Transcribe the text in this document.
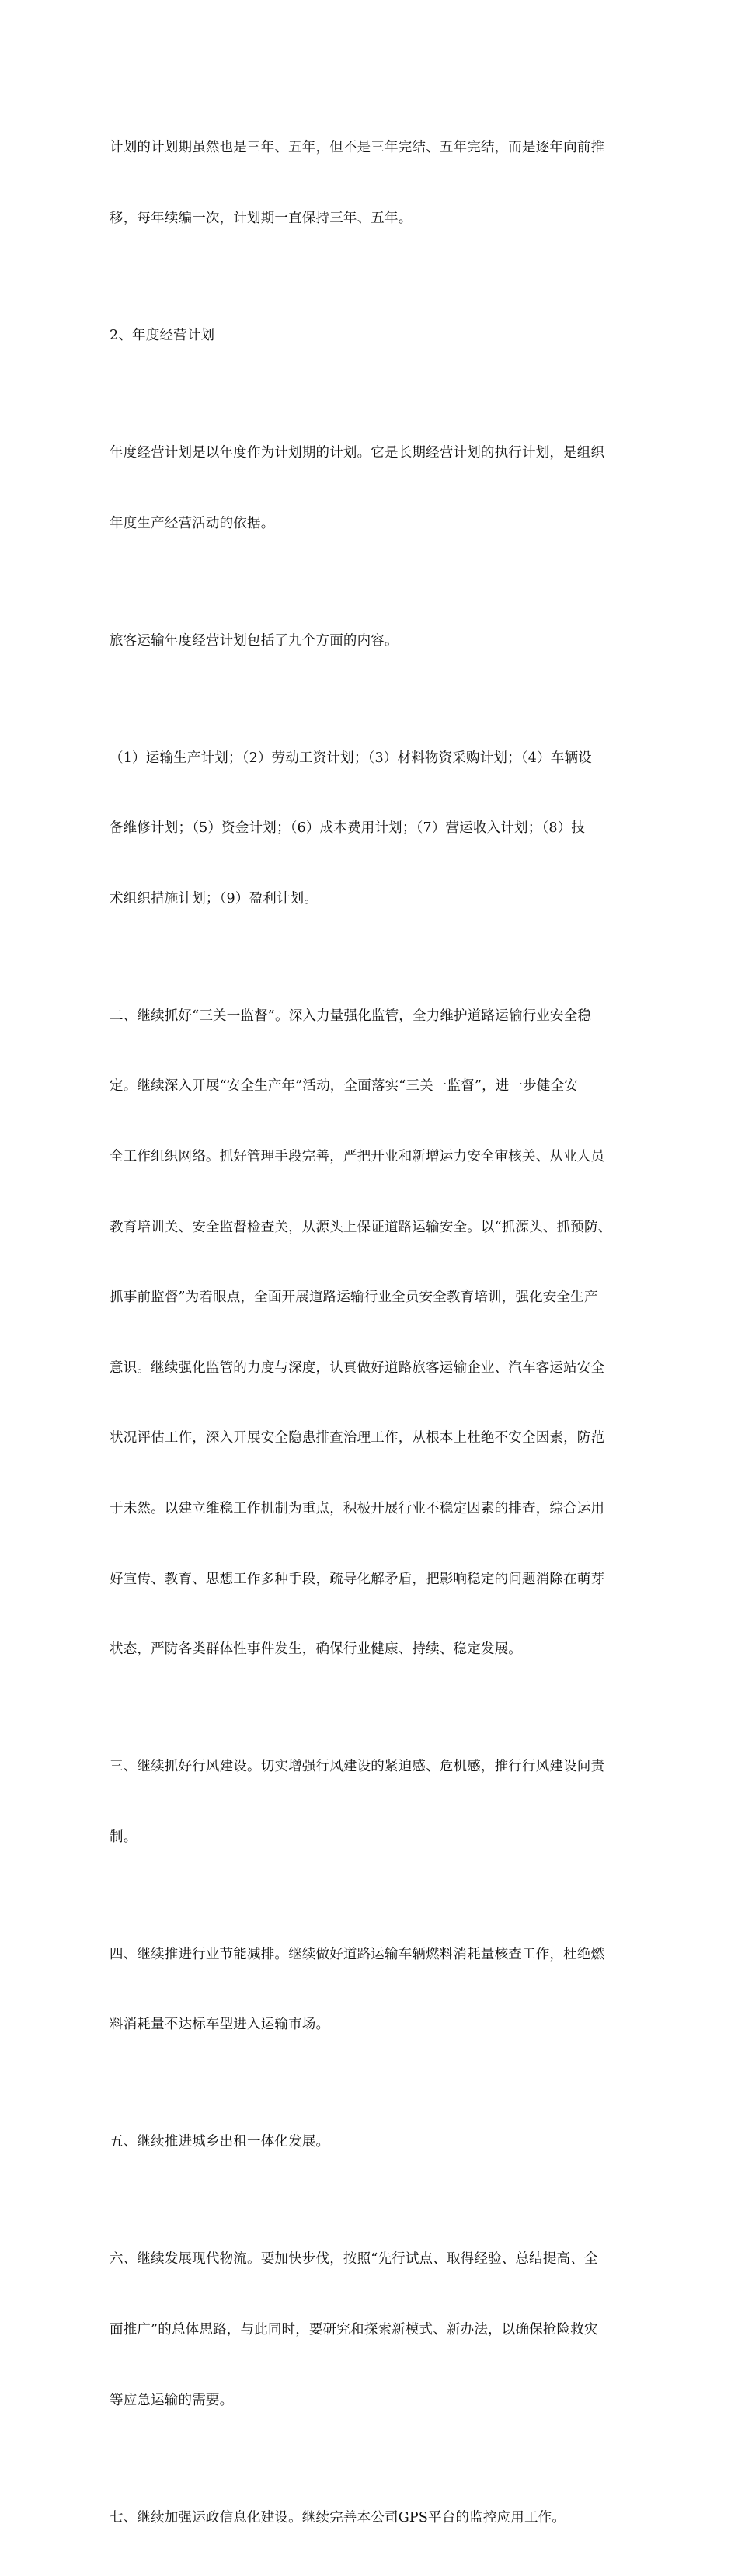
计划的计划期虽然也是三年、五年，但不是三年完结、五年完结，而是逐年向前推

移，每年续编一次，计划期一直保持三年、五年。

2、年度经营计划

年度经营计划是以年度作为计划期的计划。它是长期经营计划的执行计划，是组织

年度生产经营活动的依据。

旅客运输年度经营计划包括了九个方面的内容。

（1）运输生产计划；（2）劳动工资计划；（3）材料物资采购计划；（4）车辆设

备维修计划；（5）资金计划；（6）成本费用计划；（7）营运收入计划；（8）技

术组织措施计划；（9）盈利计划。

二、继续抓好“三关一监督”。深入力量强化监管，全力维护道路运输行业安全稳

定。继续深入开展“安全生产年”活动，全面落实“三关一监督”，进一步健全安

全工作组织网络。抓好管理手段完善，严把开业和新增运力安全审核关、从业人员

教育培训关、安全监督检查关，从源头上保证道路运输安全。以“抓源头、抓预防、

抓事前监督”为着眼点，全面开展道路运输行业全员安全教育培训，强化安全生产

意识。继续强化监管的力度与深度，认真做好道路旅客运输企业、汽车客运站安全

状况评估工作，深入开展安全隐患排查治理工作，从根本上杜绝不安全因素，防范

于未然。以建立维稳工作机制为重点，积极开展行业不稳定因素的排查，综合运用

好宣传、教育、思想工作多种手段，疏导化解矛盾，把影响稳定的问题消除在萌芽

状态，严防各类群体性事件发生，确保行业健康、持续、稳定发展。

三、继续抓好行风建设。切实增强行风建设的紧迫感、危机感，推行行风建设问责

制。

四、继续推进行业节能减排。继续做好道路运输车辆燃料消耗量核查工作，杜绝燃

料消耗量不达标车型进入运输市场。

五、继续推进城乡出租一体化发展。

六、继续发展现代物流。要加快步伐，按照“先行试点、取得经验、总结提高、全

面推广”的总体思路，与此同时，要研究和探索新模式、新办法，以确保抢险救灾

等应急运输的需要。

七、继续加强运政信息化建设。继续完善本公司GPS平台的监控应用工作。
